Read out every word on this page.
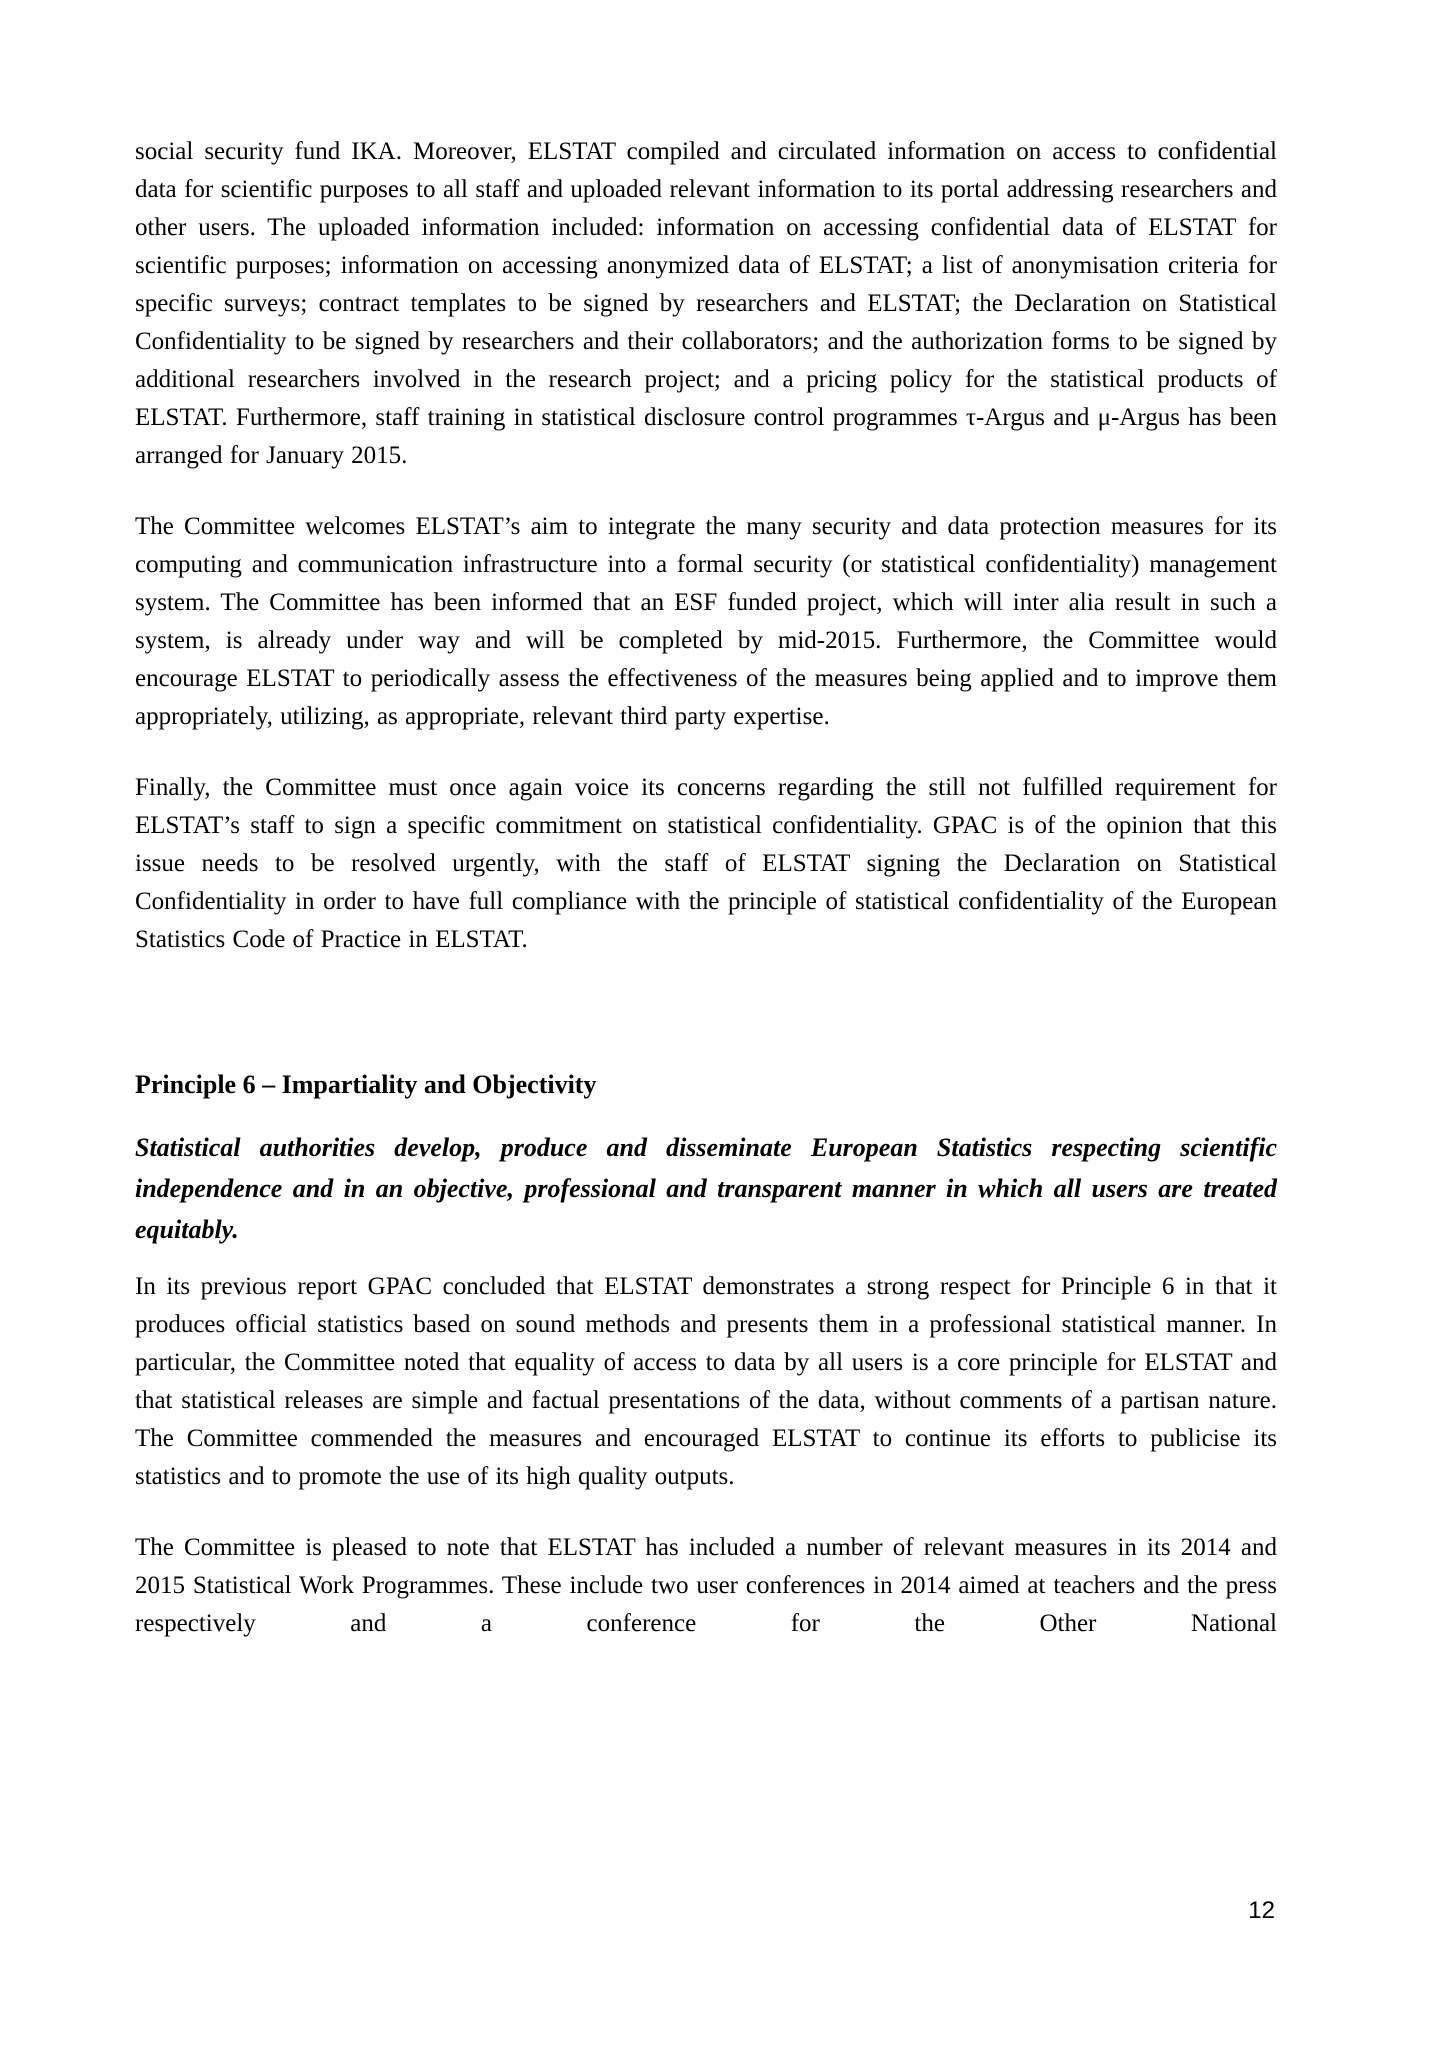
social security fund IKA. Moreover, ELSTAT compiled and circulated information on access to confidential data for scientific purposes to all staff and uploaded relevant information to its portal addressing researchers and other users. The uploaded information included: information on accessing confidential data of ELSTAT for scientific purposes; information on accessing anonymized data of ELSTAT; a list of anonymisation criteria for specific surveys; contract templates to be signed by researchers and ELSTAT; the Declaration on Statistical Confidentiality to be signed by researchers and their collaborators; and the authorization forms to be signed by additional researchers involved in the research project; and a pricing policy for the statistical products of ELSTAT. Furthermore, staff training in statistical disclosure control programmes τ-Argus and μ-Argus has been arranged for January 2015.

The Committee welcomes ELSTAT’s aim to integrate the many security and data protection measures for its computing and communication infrastructure into a formal security (or statistical confidentiality) management system. The Committee has been informed that an ESF funded project, which will inter alia result in such a system, is already under way and will be completed by mid-2015. Furthermore, the Committee would encourage ELSTAT to periodically assess the effectiveness of the measures being applied and to improve them appropriately, utilizing, as appropriate, relevant third party expertise.

Finally, the Committee must once again voice its concerns regarding the still not fulfilled requirement for ELSTAT’s staff to sign a specific commitment on statistical confidentiality. GPAC is of the opinion that this issue needs to be resolved urgently, with the staff of ELSTAT signing the Declaration on Statistical Confidentiality in order to have full compliance with the principle of statistical confidentiality of the European Statistics Code of Practice in ELSTAT.

Principle 6 – Impartiality and Objectivity

Statistical authorities develop, produce and disseminate European Statistics respecting scientific independence and in an objective, professional and transparent manner in which all users are treated equitably.

In its previous report GPAC concluded that ELSTAT demonstrates a strong respect for Principle 6 in that it produces official statistics based on sound methods and presents them in a professional statistical manner. In particular, the Committee noted that equality of access to data by all users is a core principle for ELSTAT and that statistical releases are simple and factual presentations of the data, without comments of a partisan nature. The Committee commended the measures and encouraged ELSTAT to continue its efforts to publicise its statistics and to promote the use of its high quality outputs.

The Committee is pleased to note that ELSTAT has included a number of relevant measures in its 2014 and 2015 Statistical Work Programmes. These include two user conferences in 2014 aimed at teachers and the press respectively and a conference for the Other National

12
